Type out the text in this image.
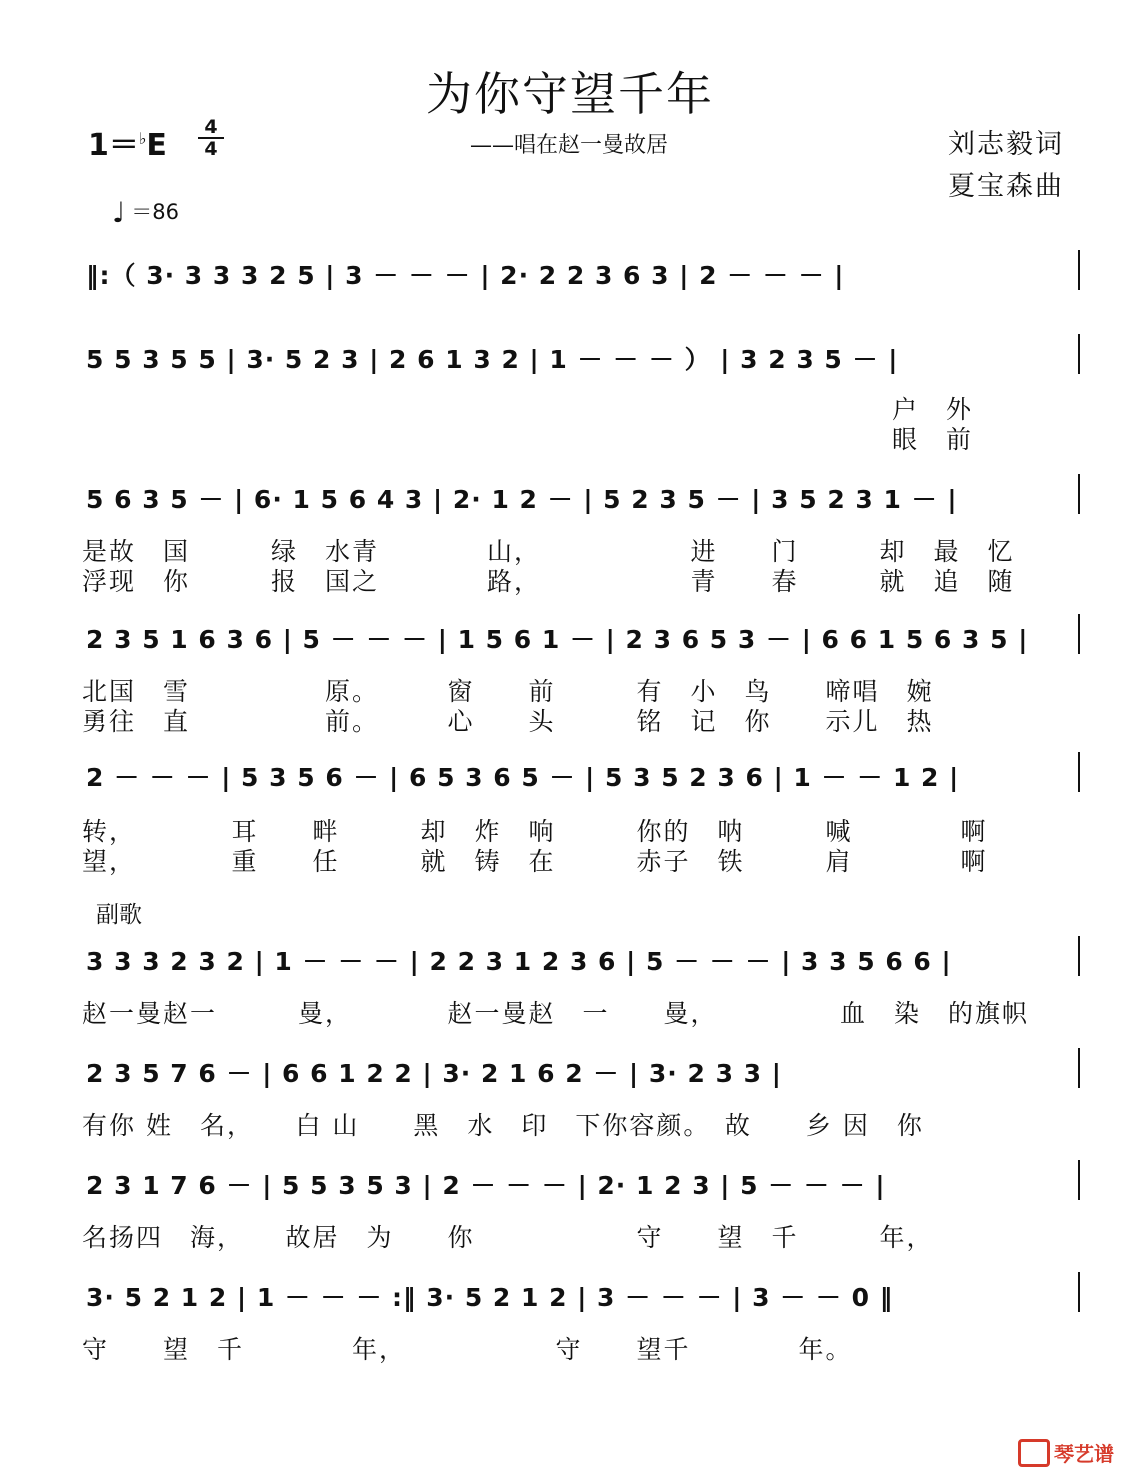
为你守望千年
1＝♭E
4
4	——唱在赵一曼故居	刘志毅词
夏宝森曲
♩ ＝86
‖:（ 3· 3 3 3 2 5 | 3 － － － | 2· 2 2 3 6 3 | 2 － － － |
5 5 3 5 5 | 3· 5 2 3 | 2 6 1 3 2 | 1 － － － ） | 3 2 3 5 － |
户　外
眼　前
5 6 3 5 － | 6· 1 5 6 4 3 | 2· 1 2 － | 5 2 3 5 － | 3 5 2 3 1 － |
是故　国　　　绿　水青　　　　山，　　　　　　进　　门　　　却　最　忆
浮现　你　　　报　国之　　　　路，　　　　　　青　　春　　　就　追　随
2 3 5 1 6 3 6 | 5 － － － | 1 5 6 1 － | 2 3 6 5 3 － | 6 6 1 5 6 3 5 |
北国　雪　　　　　原。　　　窗　　前　　　有　小　鸟　　啼唱　婉
勇往　直　　　　　前。　　　心　　头　　　铭　记　你　　示儿　热
2 － － － | 5 3 5 6 － | 6 5 3 6 5 － | 5 3 5 2 3 6 | 1 － － 1 2 |
转，　　　　耳　　畔　　　却　炸　响　　　你的　呐　　　喊　　　　啊
望，　　　　重　　任　　　就　铸　在　　　赤子　铁　　　肩　　　　啊
副歌
3 3 3 2 3 2 | 1 － － － | 2 2 3 1 2 3 6 | 5 － － － | 3 3 5 6 6 |
赵一曼赵一　　　曼，　　　　赵一曼赵　一　　曼，　　　　　血　染　的旗帜
2 3 5 7 6 － | 6 6 1 2 2 | 3· 2 1 6 2 － | 3· 2 3 3 |
有你 姓　名，　　白 山　　黑　水　印　下你容颜。　故　　乡 因　你
2 3 1 7 6 － | 5 5 3 5 3 | 2 － － － | 2· 1 2 3 | 5 － － － |
名扬四　海，　　故居　为　　你　　　　　　守　　望　千　　　年，
3· 5 2 1 2 | 1 － － － :‖ 3· 5 2 1 2 | 3 － － － | 3 － － 0 ‖
守　　望　千　　　　年，　　　　　　守　　望千　　　　年。
琴艺谱
